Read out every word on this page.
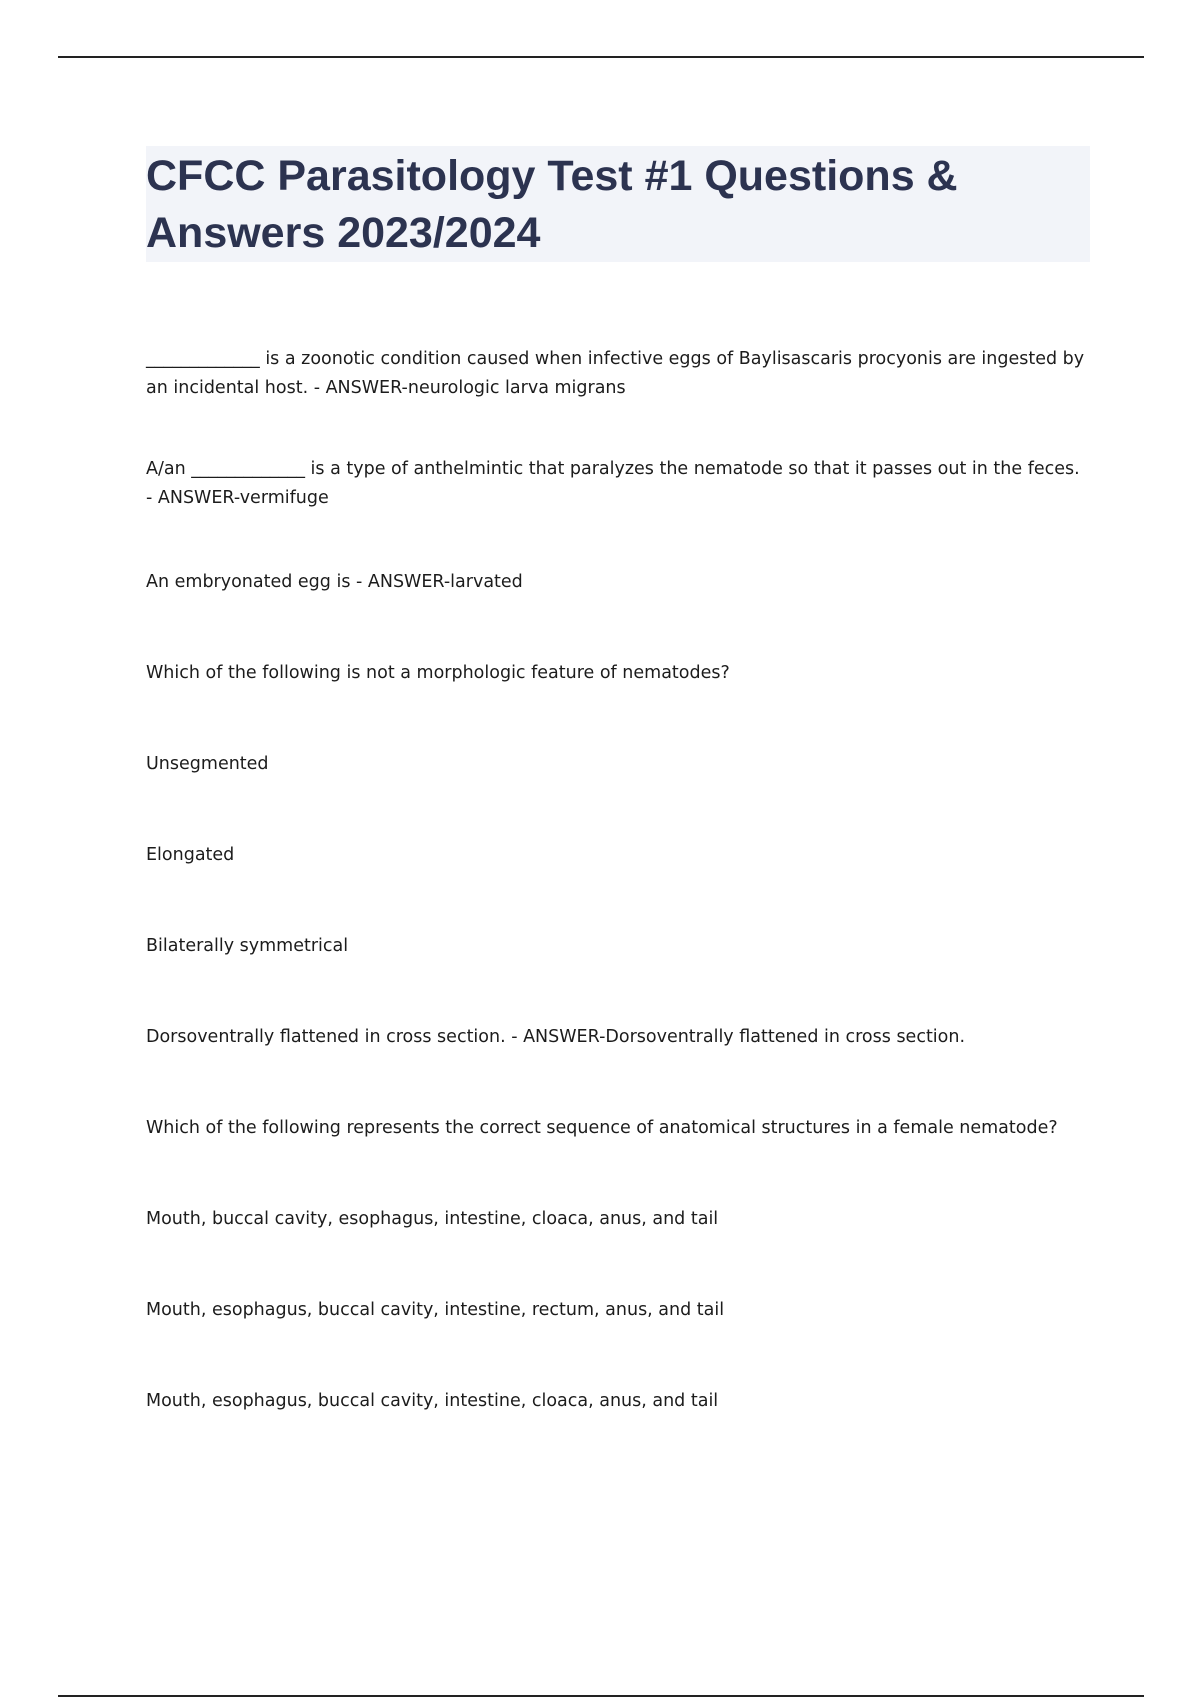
CFCC Parasitology Test #1 Questions & Answers 2023/2024

_____________ is a zoonotic condition caused when infective eggs of Baylisascaris procyonis are ingested by an incidental host. - ANSWER-neurologic larva migrans

A/an _____________ is a type of anthelmintic that paralyzes the nematode so that it passes out in the feces. - ANSWER-vermifuge

An embryonated egg is - ANSWER-larvated

Which of the following is not a morphologic feature of nematodes?

Unsegmented

Elongated

Bilaterally symmetrical

Dorsoventrally flattened in cross section. - ANSWER-Dorsoventrally flattened in cross section.

Which of the following represents the correct sequence of anatomical structures in a female nematode?

Mouth, buccal cavity, esophagus, intestine, cloaca, anus, and tail

Mouth, esophagus, buccal cavity, intestine, rectum, anus, and tail

Mouth, esophagus, buccal cavity, intestine, cloaca, anus, and tail
